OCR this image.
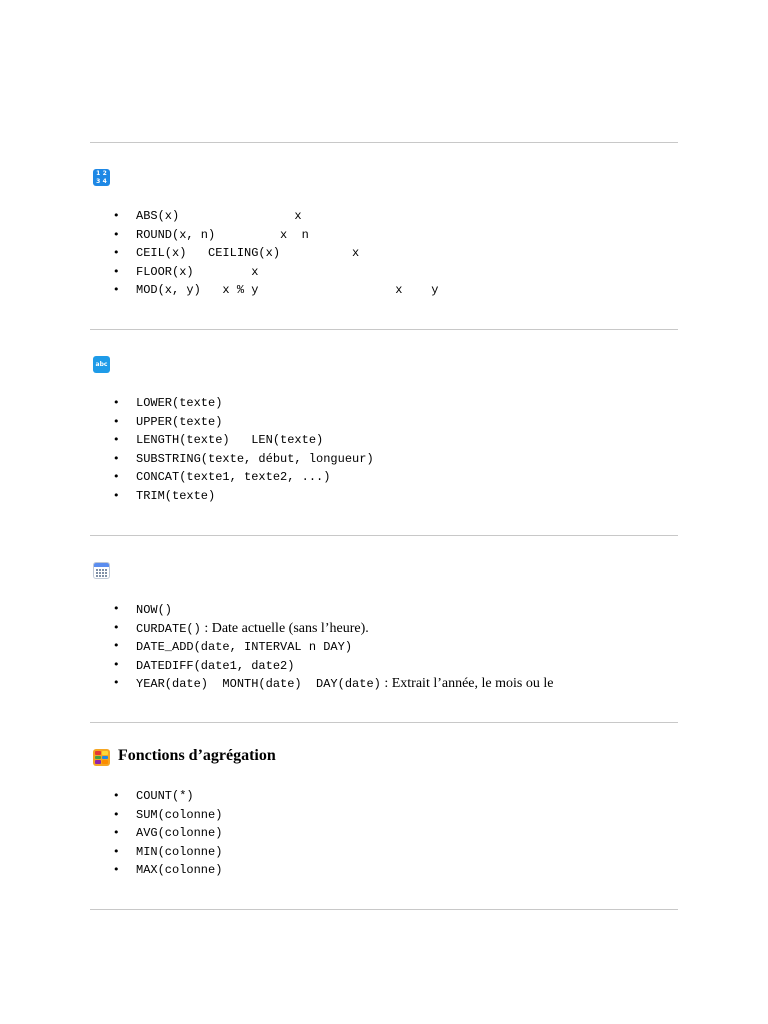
1 2
3 4
• ABS(x)                x
• ROUND(x, n)         x  n
• CEIL(x)   CEILING(x)          x
• FLOOR(x)        x
• MOD(x, y)   x % y                   x    y
abc
• LOWER(texte)
• UPPER(texte)
• LENGTH(texte)   LEN(texte)
• SUBSTRING(texte, début, longueur)
• CONCAT(texte1, texte2, ...)
• TRIM(texte)
• NOW()
• CURDATE() : Date actuelle (sans l’heure).
• DATE_ADD(date, INTERVAL n DAY)
• DATEDIFF(date1, date2)
• YEAR(date)  MONTH(date)  DAY(date) : Extrait l’année, le mois ou le
Fonctions d’agrégation
• COUNT(*)
• SUM(colonne)
• AVG(colonne)
• MIN(colonne)
• MAX(colonne)
